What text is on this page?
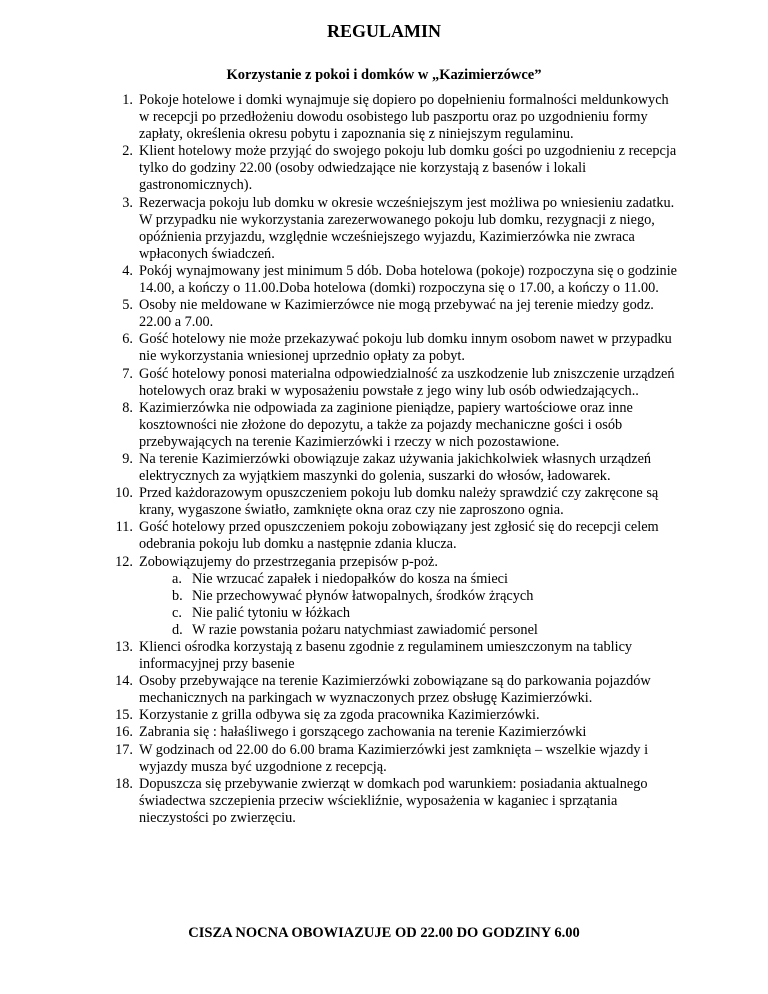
REGULAMIN
Korzystanie z pokoi i domków w „Kazimierzówce”
1 . Pokoje hotelowe i domki wynajmuje się dopiero po dopełnieniu formalności meldunkowych w recepcji po przedłożeniu dowodu osobistego lub paszportu oraz po uzgodnieniu formy zapłaty, określenia okresu pobytu i zapoznania się z niniejszym regulaminu.
2 . Klient hotelowy może przyjąć do swojego pokoju lub domku gości po uzgodnieniu z recepcja tylko do godziny 22.00 (osoby odwiedzające nie korzystają z basenów i lokali gastronomicznych).
3 . Rezerwacja pokoju lub domku w okresie wcześniejszym jest możliwa po wniesieniu zadatku. W przypadku nie wykorzystania zarezerwowanego pokoju lub domku, rezygnacji z niego, opóźnienia przyjazdu, względnie wcześniejszego wyjazdu, Kazimierzówka nie zwraca wpłaconych świadczeń.
4 . Pokój wynajmowany jest minimum 5 dób. Doba hotelowa (pokoje) rozpoczyna się o godzinie 14.00, a kończy o 11.00.Doba hotelowa (domki) rozpoczyna się o 17.00, a kończy o 11.00.
5 . Osoby nie meldowane w Kazimierzówce nie mogą przebywać na jej terenie miedzy godz. 22.00 a 7.00.
6 . Gość hotelowy nie może przekazywać pokoju lub domku innym osobom nawet w przypadku nie wykorzystania wniesionej uprzednio opłaty za pobyt.
7 . Gość hotelowy ponosi materialna odpowiedzialność za uszkodzenie lub zniszczenie urządzeń hotelowych oraz braki w wyposażeniu powstałe z jego winy lub osób odwiedzających..
8 . Kazimierzówka nie odpowiada za zaginione pieniądze, papiery wartościowe oraz inne kosztowności nie złożone do depozytu, a także za pojazdy mechaniczne gości i osób przebywających na terenie Kazimierzówki i rzeczy w nich pozostawione.
9 . Na terenie Kazimierzówki obowiązuje zakaz używania jakichkolwiek własnych urządzeń elektrycznych za wyjątkiem maszynki do golenia, suszarki do włosów, ładowarek.
10 . Przed każdorazowym opuszczeniem pokoju lub domku należy sprawdzić czy zakręcone są krany, wygaszone światło, zamknięte okna oraz czy nie zaproszono ognia.
11 . Gość hotelowy przed opuszczeniem pokoju zobowiązany jest zgłosić się do recepcji celem odebrania pokoju lub domku a następnie zdania klucza.
12 . Zobowiązujemy do przestrzegania przepisów p-poż.
a . Nie wrzucać zapałek i niedopałków do kosza na śmieci
b . Nie przechowywać płynów łatwopalnych, środków żrących
c . Nie palić tytoniu w łóżkach
d . W razie powstania pożaru natychmiast zawiadomić personel
13 . Klienci ośrodka korzystają z basenu zgodnie z regulaminem umieszczonym na tablicy informacyjnej przy basenie
14 . Osoby przebywające na terenie Kazimierzówki zobowiązane są do parkowania pojazdów mechanicznych na parkingach w wyznaczonych przez obsługę Kazimierzówki.
15 . Korzystanie z grilla odbywa się za zgoda pracownika Kazimierzówki.
16 . Zabrania się : hałaśliwego i gorszącego zachowania na terenie Kazimierzówki
17 . W godzinach od 22.00 do 6.00 brama Kazimierzówki jest zamknięta – wszelkie wjazdy i wyjazdy musza być uzgodnione z recepcją.
18 . Dopuszcza się przebywanie zwierząt w domkach pod warunkiem: posiadania aktualnego świadectwa szczepienia przeciw wściekliźnie, wyposażenia w kaganiec i sprzątania nieczystości po zwierzęciu.
CISZA NOCNA OBOWIAZUJE OD 22.00 DO GODZINY 6.00
